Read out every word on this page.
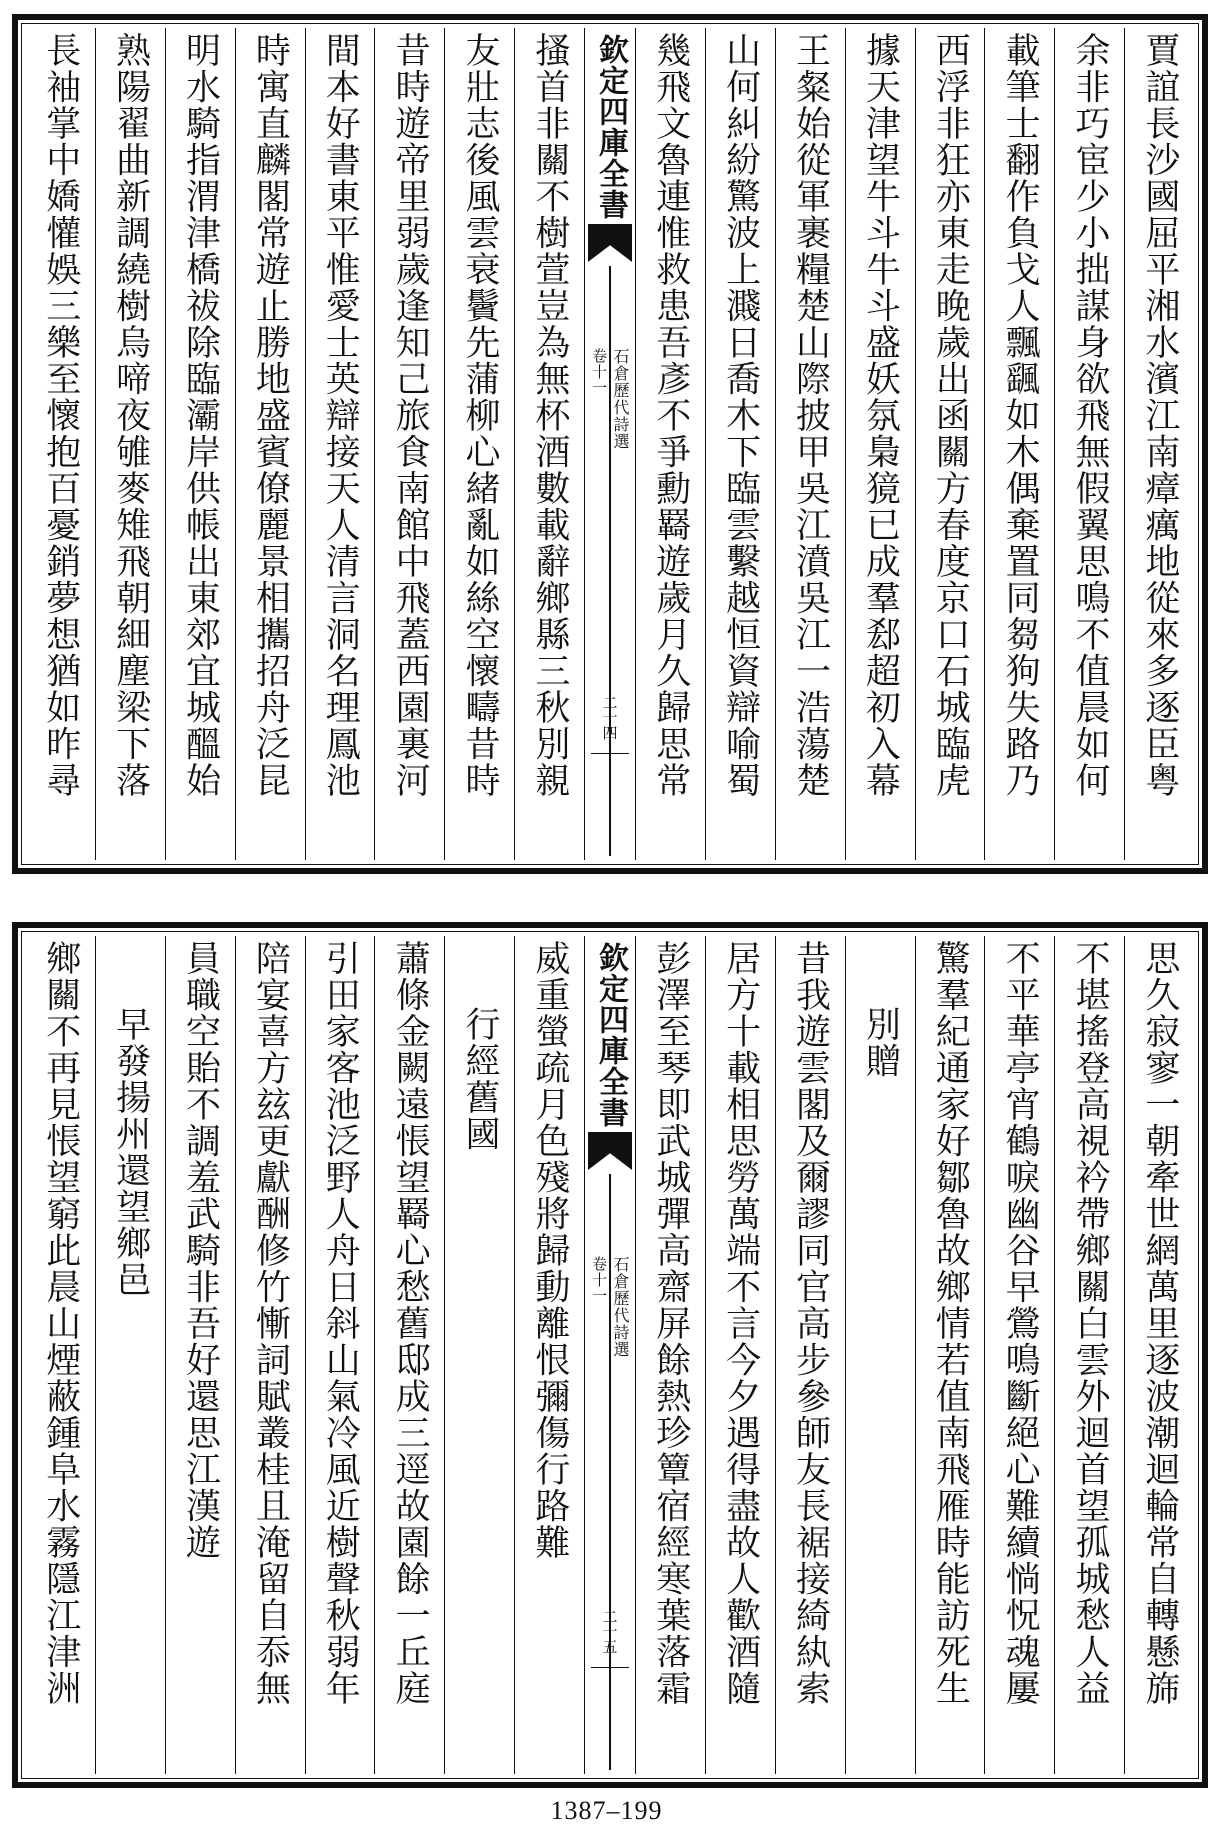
賈誼長沙國屈平湘水濱江南瘴癘地從來多逐臣粤
余非巧宦少小拙謀身欲飛無假翼思鳴不值晨如何
載筆士翻作負戈人飄颻如木偶棄置同芻狗失路乃
西浮非狂亦東走晚歲出函關方春度京口石城臨虎
據天津望牛斗牛斗盛妖氛梟獍已成羣郄超初入幕
王粲始從軍裹糧楚山際披甲吳江濆吳江一浩蕩楚
山何糾紛驚波上濺日喬木下臨雲繫越恒資辯喻蜀
幾飛文魯連惟救患吾彥不爭勳羇遊歲月久歸思常
欽定四庫全書
石倉歷代詩選
卷十一
二十四
搔首非關不樹萱豈為無杯酒數載辭鄉縣三秋別親
友壯志後風雲衰鬢先蒲柳心緒亂如絲空懷疇昔時
昔時遊帝里弱歲逢知己旅食南館中飛蓋西園裏河
間本好書東平惟愛士英辯接天人清言洞名理鳳池
時寓直麟閣常遊止勝地盛賓僚麗景相攜招舟泛昆
明水騎指渭津橋祓除臨灞岸供帳出東郊宜城醞始
熟陽翟曲新調繞樹烏啼夜雊麥雉飛朝細塵梁下落
長袖掌中嬌懽娛三樂至懷抱百憂銷夢想猶如昨尋
思久寂寥一朝牽世網萬里逐波潮迴輪常自轉懸旆
不堪搖登高視衿帶鄉關白雲外迴首望孤城愁人益
不平華亭宵鶴唳幽谷早鶯鳴斷絕心難續惝怳魂屢
驚羣紀通家好鄒魯故鄉情若值南飛雁時能訪死生
別贈
昔我遊雲閣及爾謬同官高步參師友長裾接綺紈索
居方十載相思勞萬端不言今夕遇得盡故人歡酒隨
彭澤至琴即武城彈高齋屏餘熱珍簟宿經寒葉落霜
欽定四庫全書
石倉歷代詩選
卷十一
二十五
威重螢疏月色殘將歸動離恨彌傷行路難
行經舊國
蕭條金闕遠悵望羇心愁舊邸成三逕故園餘一丘庭
引田家客池泛野人舟日斜山氣冷風近樹聲秋弱年
陪宴喜方玆更獻酬修竹慚詞賦叢桂且淹留自忝無
員職空貽不調羞武騎非吾好還思江漢遊
早發揚州還望鄉邑
鄉關不再見悵望窮此晨山煙蔽鍾阜水霧隱江津洲
1387–199
